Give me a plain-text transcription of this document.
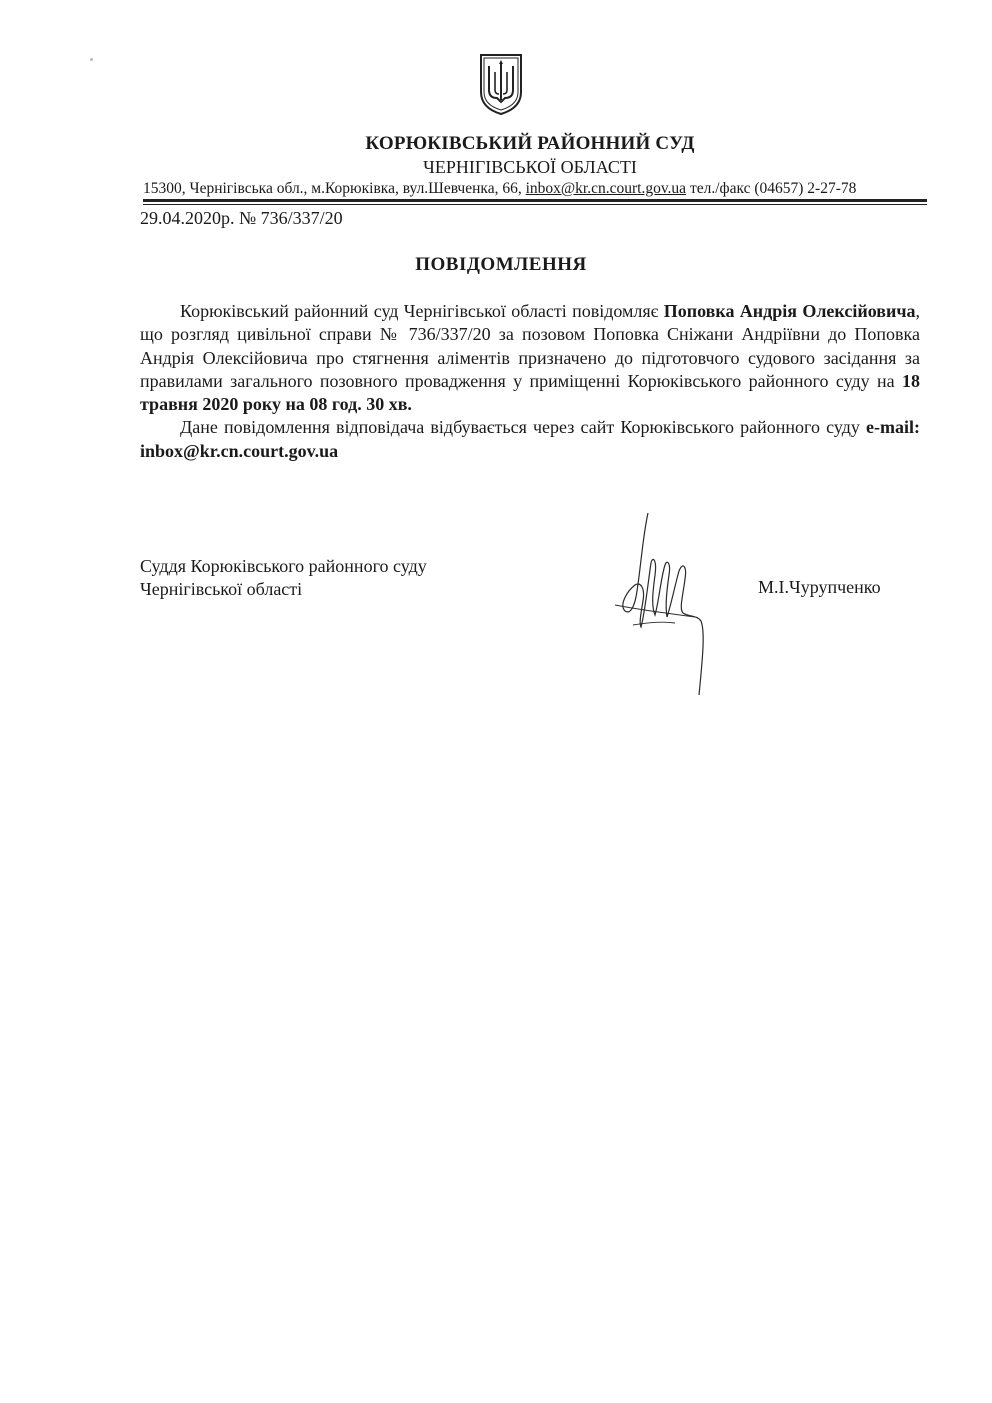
КОРЮКІВСЬКИЙ РАЙОННИЙ СУД
ЧЕРНІГІВСЬКОЇ ОБЛАСТІ
15300, Чернігівська обл., м.Корюківка, вул.Шевченка, 66, inbox@kr.cn.court.gov.ua тел./факс (04657) 2-27-78
29.04.2020р. № 736/337/20
ПОВІДОМЛЕННЯ

Корюківський районний суд Чернігівської області повідомляє Поповка Андрія Олексійовича, що розгляд цивільної справи № 736/337/20 за позовом Поповка Сніжани Андріївни до Поповка Андрія Олексійовича про стягнення аліментів призначено до підготовчого судового засідання за правилами загального позовного провадження у приміщенні Корюківського районного суду на 18 травня 2020 року на 08 год. 30 хв.

Дане повідомлення відповідача відбувається через сайт Корюківського районного суду e-mail: inbox@kr.cn.court.gov.ua

Суддя Корюківського районного суду
Чернігівської області	М.І.Чурупченко
